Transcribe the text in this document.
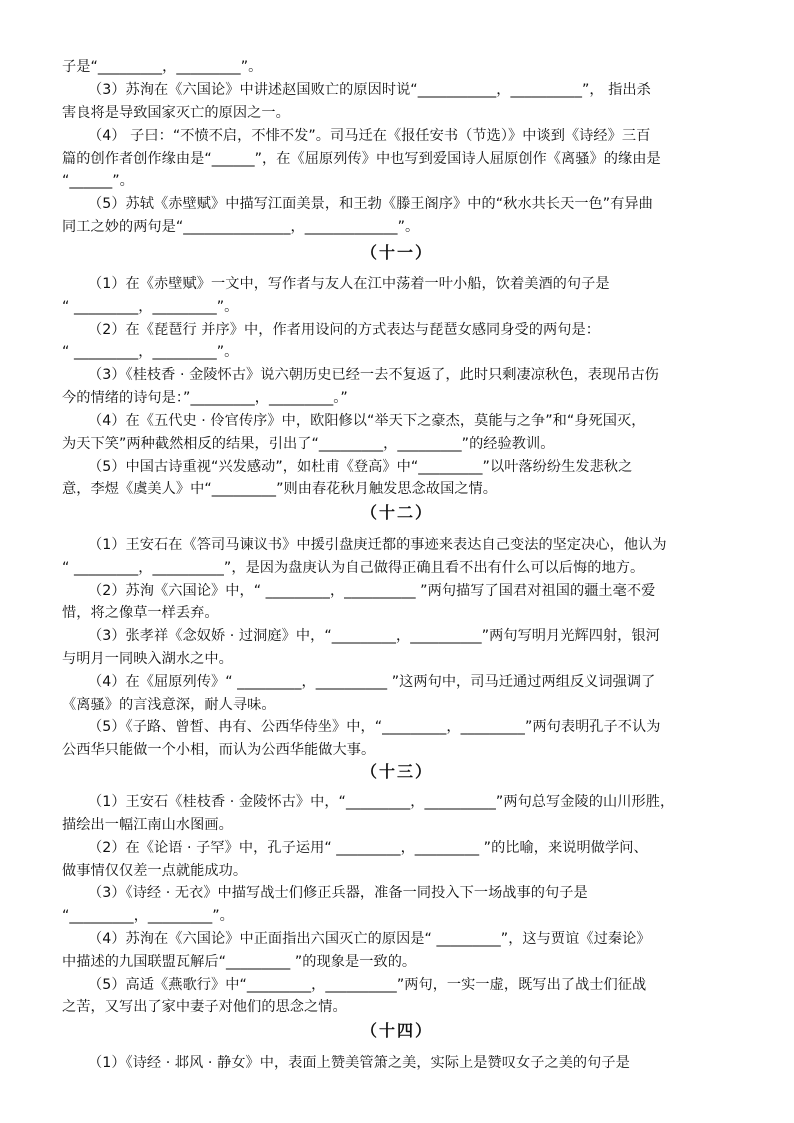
子是“_________，_________”。
（3）苏洵在《六国论》中讲述赵国败亡的原因时说“___________，__________”， 指出杀
害良将是导致国家灭亡的原因之一。
（4） 子曰：“不愤不启，不悱不发”。司马迁在《报任安书（节选）》中谈到《诗经》三百
篇的创作者创作缘由是“______”，在《屈原列传》中也写到爱国诗人屈原创作《离骚》的缘由是
“______”。
（5）苏轼《赤壁赋》中描写江面美景，和王勃《滕王阁序》中的“秋水共长天一色”有异曲
同工之妙的两句是“_______________，_____________”。
（十一）
（1）在《赤壁赋》一文中，写作者与友人在江中荡着一叶小船，饮着美酒的句子是
“ _________，_________”。
（2）在《琵琶行 并序》中，作者用设问的方式表达与琵琶女感同身受的两句是：
“ _________，_________”。
（3）《桂枝香 · 金陵怀古》说六朝历史已经一去不复返了，此时只剩凄凉秋色，表现吊古伤
今的情绪的诗句是：”_________，_________。”
（4）在《五代史 · 伶官传序》中，欧阳修以“举天下之豪杰，莫能与之争”和“身死国灭，
为天下笑”两种截然相反的结果，引出了“_________，_________”的经验教训。
（5）中国古诗重视“兴发感动”，如杜甫《登高》中“_________”以叶落纷纷生发悲秋之
意，李煜《虞美人》中“_________”则由春花秋月触发思念故国之情。
（十二）
（1）王安石在《答司马谏议书》中援引盘庚迁都的事迹来表达自己变法的坚定决心，他认为
“ _________，__________”，是因为盘庚认为自己做得正确且看不出有什么可以后悔的地方。
（2）苏洵《六国论》中，“ _________，__________ ”两句描写了国君对祖国的疆土毫不爱
惜，将之像草一样丢弃。
（3）张孝祥《念奴娇 · 过洞庭》中，“_________，__________”两句写明月光辉四射，银河
与明月一同映入湖水之中。
（4）在《屈原列传》“ _________，__________ ”这两句中，司马迁通过两组反义词强调了
《离骚》的言浅意深，耐人寻味。
（5）《子路、曾皙、冉有、公西华侍坐》中，“_________，_________”两句表明孔子不认为
公西华只能做一个小相，而认为公西华能做大事。
（十三）
（1）王安石《桂枝香 · 金陵怀古》中，“_________，__________”两句总写金陵的山川形胜，
描绘出一幅江南山水图画。
（2）在《论语 · 子罕》中，孔子运用“ _________，_________ ”的比喻，来说明做学问、
做事情仅仅差一点就能成功。
（3）《诗经 · 无衣》中描写战士们修正兵器，准备一同投入下一场战事的句子是
“_________，_________”。
（4）苏洵在《六国论》中正面指出六国灭亡的原因是“ _________”，这与贾谊《过秦论》
中描述的九国联盟瓦解后“_________ ”的现象是一致的。
（5）高适《燕歌行》中“_________，__________”两句，一实一虚，既写出了战士们征战
之苦，又写出了家中妻子对他们的思念之情。
（十四）
（1）《诗经 · 邶风 · 静女》中，表面上赞美管箫之美，实际上是赞叹女子之美的句子是
